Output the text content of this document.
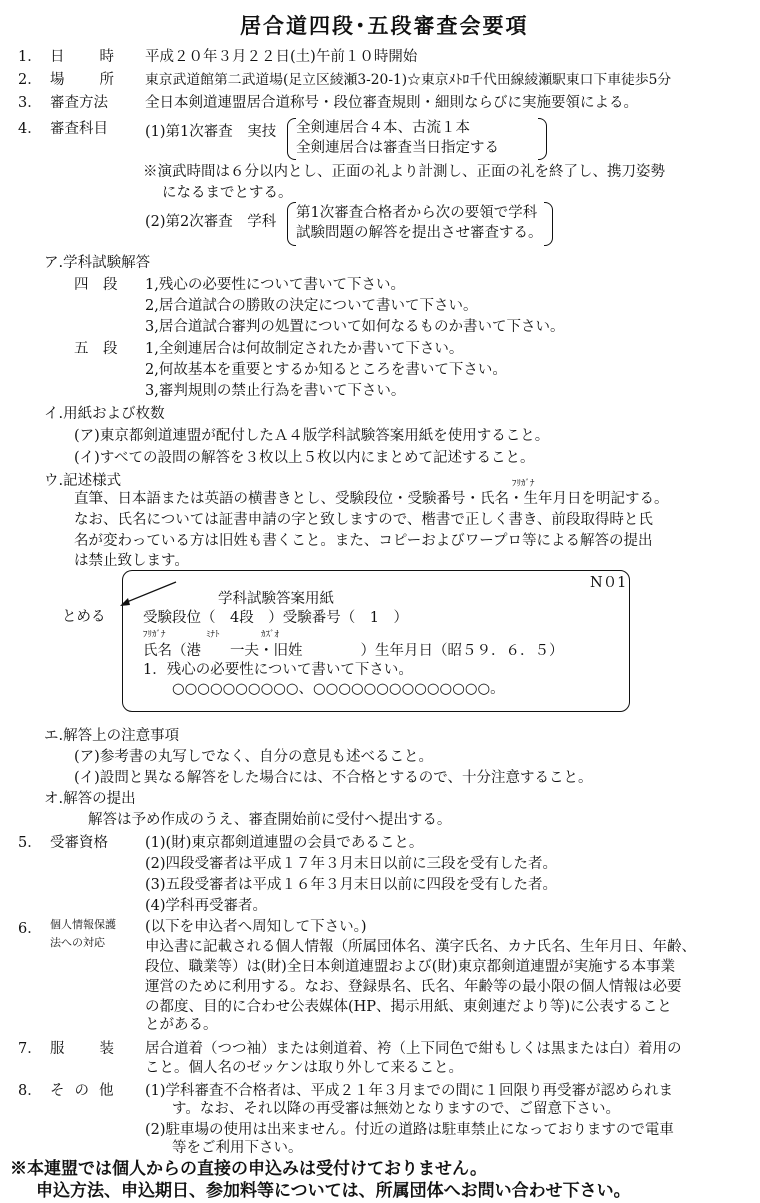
居合道四段･五段審査会要項
1． 日　　時 平成２０年３月２２日(土)午前１０時開始
2． 場　　所 東京武道館第二武道場(足立区綾瀬3-20-1)☆東京ﾒﾄﾛ千代田線綾瀬駅東口下車徒歩5分
3． 審査方法	全日本剣道連盟居合道称号・段位審査規則・細則ならびに実施要領による。
4． 審査科目	(1)第1次審査　実技 全剣連居合４本、古流１本
全剣連居合は審査当日指定する
※演武時間は６分以内とし、正面の礼より計測し、正面の礼を終了し、携刀姿勢
になるまでとする。
(2)第2次審査　学科
第1次審査合格者から次の要領で学科
試験問題の解答を提出させ審査する。
ア.学科試験解答
四　段 1,残心の必要性について書いて下さい。
2,居合道試合の勝敗の決定について書いて下さい。
3,居合道試合審判の処置について如何なるものか書いて下さい。
五　段 1,全剣連居合は何故制定されたか書いて下さい。
2,何故基本を重要とするか知るところを書いて下さい。
3,審判規則の禁止行為を書いて下さい。
イ.用紙および枚数
(ア)東京都剣道連盟が配付したＡ４版学科試験答案用紙を使用すること。
(イ)すべての設問の解答を３枚以上５枚以内にまとめて記述すること。
ウ.記述様式	ﾌﾘｶﾞﾅ
直筆、日本語または英語の横書きとし、受験段位・受験番号・氏名・生年月日を明記する。
なお、氏名については証書申請の字と致しますので、楷書で正しく書き、前段取得時と氏
名が変わっている方は旧姓も書くこと。また、コピーおよびワープロ等による解答の提出
は禁止致します。
とめる
N０1
学科試験答案用紙
受験段位（　4段　）受験番号（　1　）
ﾌﾘｶﾞﾅ	ﾐﾅﾄ	ｶｽﾞｵ
氏名（港　　一夫・旧姓　　　　）生年月日（昭５９．６．５）
1．残心の必要性について書いて下さい。
○○○○○○○○○○、○○○○○○○○○○○○○○。
エ.解答上の注意事項
(ア)参考書の丸写しでなく、自分の意見も述べること。
(イ)設問と異なる解答をした場合には、不合格とするので、十分注意すること。
オ.解答の提出
解答は予め作成のうえ、審査開始前に受付へ提出する。
5． 受審資格	(1)(財)東京都剣道連盟の会員であること。
(2)四段受審者は平成１７年３月末日以前に三段を受有した者。
(3)五段受審者は平成１６年３月末日以前に四段を受有した者。
(4)学科再受審者。
6． 個人情報保護
法への対応
(以下を申込者へ周知して下さい。)
申込書に記載される個人情報（所属団体名、漢字氏名、カナ氏名、生年月日、年齢、
段位、職業等）は(財)全日本剣道連盟および(財)東京都剣道連盟が実施する本事業
運営のために利用する。なお、登録県名、氏名、年齢等の最小限の個人情報は必要
の都度、目的に合わせ公表媒体(HP、掲示用紙、東剣連だより等)に公表すること
とがある。
7． 服　　装 居合道着（つつ袖）または剣道着、袴（上下同色で紺もしくは黒または白）着用の
こと。個人名のゼッケンは取り外して来ること。
8． その他 (1)学科審査不合格者は、平成２１年３月までの間に１回限り再受審が認められま
す。なお、それ以降の再受審は無効となりますので、ご留意下さい。
(2)駐車場の使用は出来ません。付近の道路は駐車禁止になっておりますので電車
等をご利用下さい。
※本連盟では個人からの直接の申込みは受付けておりません。
申込方法、申込期日、参加料等については、所属団体へお問い合わせ下さい。
